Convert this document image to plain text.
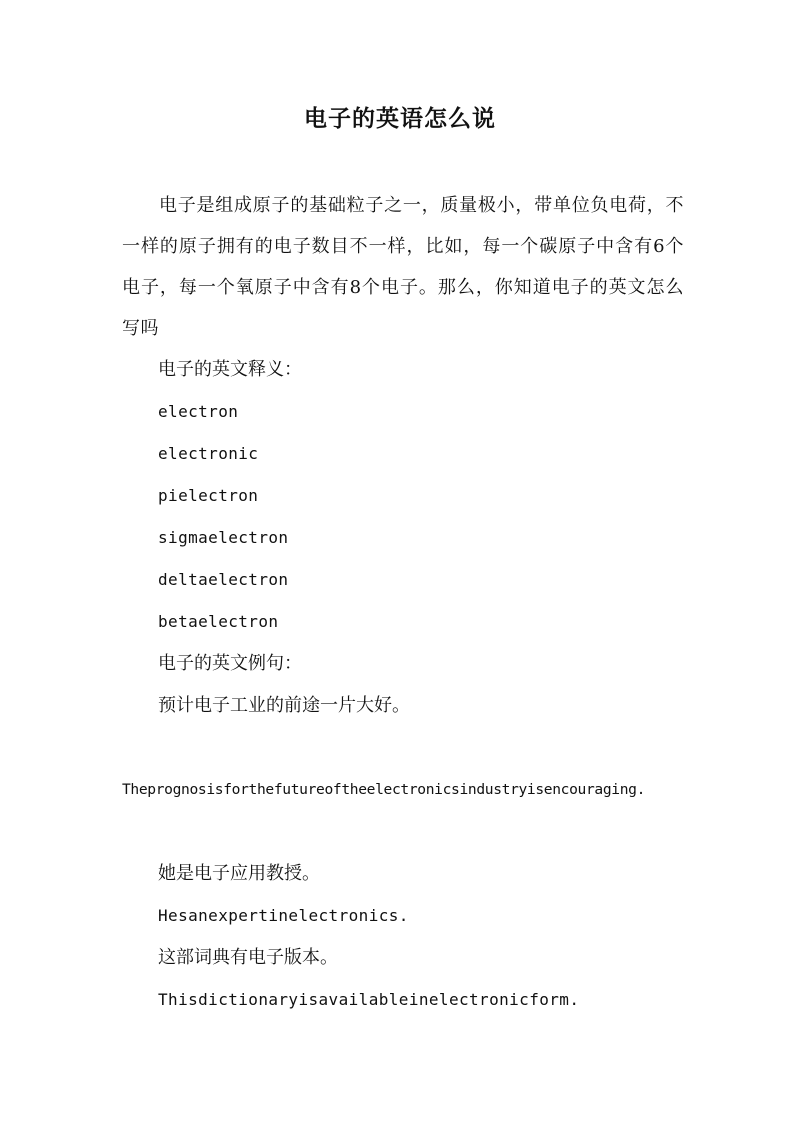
电子的英语怎么说

电子是组成原子的基础粒子之一，质量极小，带单位负电荷，不一样的原子拥有的电子数目不一样，比如，每一个碳原子中含有6个电子，每一个氧原子中含有8个电子。那么，你知道电子的英文怎么写吗

电子的英文释义：

electron

electronic

pielectron

sigmaelectron

deltaelectron

betaelectron

电子的英文例句：

预计电子工业的前途一片大好。

Theprognosisforthefutureoftheelectronicsindustryisencouraging.

她是电子应用教授。

Hesanexpertinelectronics.

这部词典有电子版本。

Thisdictionaryisavailableinelectronicform.
